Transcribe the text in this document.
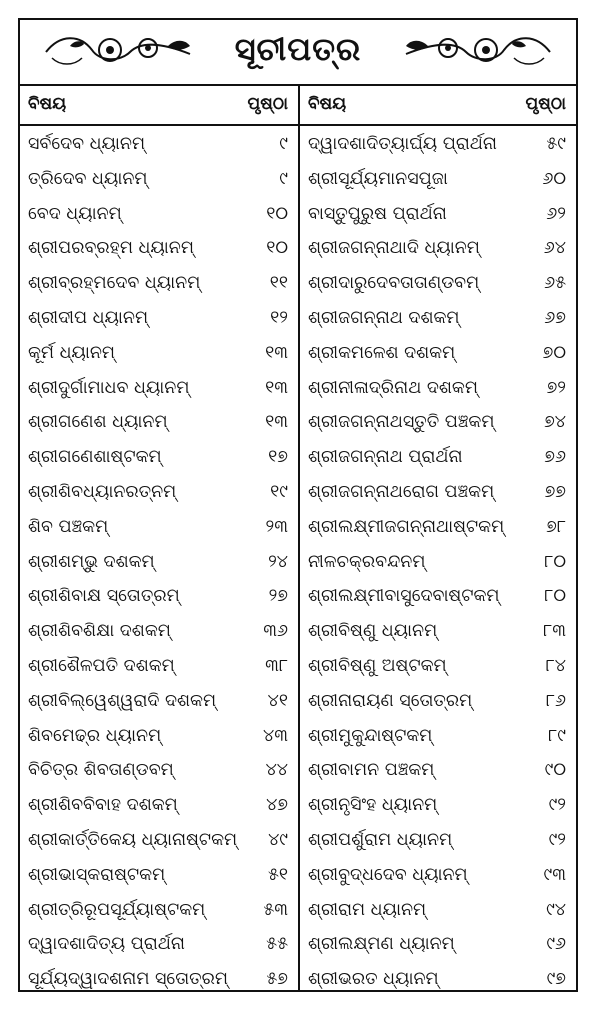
ସୂଚୀପତ୍ର
ବିଷୟ	ପୃଷ୍ଠା ବିଷୟ	ପୃଷ୍ଠା
ସର୍ବଦେବ ଧ୍ୟାନମ୍	୯
ତ୍ରିଦେବ ଧ୍ୟାନମ୍	୯
ବେଦ ଧ୍ୟାନମ୍	୧୦
ଶ୍ରୀପରବ୍ରହ୍ମ ଧ୍ୟାନମ୍	୧୦
ଶ୍ରୀବ୍ରହ୍ମଦେବ ଧ୍ୟାନମ୍	୧୧
ଶ୍ରୀଦୀପ ଧ୍ୟାନମ୍	୧୨
କୂର୍ମ ଧ୍ୟାନମ୍	୧୩
ଶ୍ରୀଦୁର୍ଗାମାଧବ ଧ୍ୟାନମ୍	୧୩
ଶ୍ରୀଗଣେଶ ଧ୍ୟାନମ୍	୧୩
ଶ୍ରୀଗଣେଶାଷ୍ଟକମ୍	୧୭
ଶ୍ରୀଶିବଧ୍ୟାନରତ୍ନମ୍	୧୯
ଶିବ ପଞ୍ଚକମ୍	୨୩
ଶ୍ରୀଶମ୍ଭୁ ଦଶକମ୍	୨୪
ଶ୍ରୀଶିବାକ୍ଷ ସ୍ତୋତ୍ରମ୍	୨୭
ଶ୍ରୀଶିବଶିକ୍ଷା ଦଶକମ୍	୩୬
ଶ୍ରୀଶୈଳପତି ଦଶକମ୍	୩୮
ଶ୍ରୀବିଲ୍ୱେଶ୍ୱରାଦି ଦଶକମ୍	୪୧
ଶିବମେଢ୍ର ଧ୍ୟାନମ୍	୪୩
ବିଚିତ୍ର ଶିବତାଣ୍ଡବମ୍	୪୪
ଶ୍ରୀଶିବବିବାହ ଦଶକମ୍	୪୭
ଶ୍ରୀକାର୍ତ୍ତିକେୟ ଧ୍ୟାନାଷ୍ଟକମ୍ ୪୯
ଶ୍ରୀଭାସ୍କରାଷ୍ଟକମ୍	୫୧
ଶ୍ରୀତ୍ରିରୂପସୂର୍ଯ୍ୟାଷ୍ଟକମ୍	୫୩
ଦ୍ୱାଦଶାଦିତ୍ୟ ପ୍ରାର୍ଥନା	୫୫
ସୂର୍ଯ୍ୟଦ୍ୱାଦଶନାମ ସ୍ତୋତ୍ରମ୍ ୫୭
ଦ୍ୱାଦଶାଦିତ୍ୟାର୍ଘ୍ୟ ପ୍ରାର୍ଥନା	୫୯
ଶ୍ରୀସୂର୍ଯ୍ୟମାନସପୂଜା	୬୦
ବାସ୍ତୁପୁରୁଷ ପ୍ରାର୍ଥନା	୬୨
ଶ୍ରୀଜଗନ୍ନାଥାଦି ଧ୍ୟାନମ୍	୬୪
ଶ୍ରୀଦାରୁଦେବତାତାଣ୍ଡବମ୍	୬୫
ଶ୍ରୀଜଗନ୍ନାଥ ଦଶକମ୍	୬୭
ଶ୍ରୀକମଳେଶ ଦଶକମ୍	୭୦
ଶ୍ରୀନୀଳାଦ୍ରିନାଥ ଦଶକମ୍	୭୨
ଶ୍ରୀଜଗନ୍ନାଥସ୍ତୁତି ପଞ୍ଚକମ୍	୭୪
ଶ୍ରୀଜଗନ୍ନାଥ ପ୍ରାର୍ଥନା	୭୬
ଶ୍ରୀଜଗନ୍ନାଥରୋଗ ପଞ୍ଚକମ୍	୭୭
ଶ୍ରୀଲକ୍ଷ୍ମୀଜଗନ୍ନାଥାଷ୍ଟକମ୍ ୭୮
ନୀଳଚକ୍ରବନ୍ଦନମ୍	୮୦
ଶ୍ରୀଲକ୍ଷ୍ମୀବାସୁଦେବାଷ୍ଟକମ୍	୮୦
ଶ୍ରୀବିଷ୍ଣୁ ଧ୍ୟାନମ୍	୮୩
ଶ୍ରୀବିଷ୍ଣୁ ଅଷ୍ଟକମ୍	୮୪
ଶ୍ରୀନାରାୟଣ ସ୍ତୋତ୍ରମ୍	୮୬
ଶ୍ରୀମୁକୁନ୍ଦାଷ୍ଟକମ୍	୮୯
ଶ୍ରୀବାମନ ପଞ୍ଚକମ୍	୯୦
ଶ୍ରୀନୃସିଂହ ଧ୍ୟାନମ୍	୯୨
ଶ୍ରୀପର୍ଶୁରାମ ଧ୍ୟାନମ୍	୯୨
ଶ୍ରୀବୁଦ୍ଧଦେବ ଧ୍ୟାନମ୍	୯୩
ଶ୍ରୀରାମ ଧ୍ୟାନମ୍	୯୪
ଶ୍ରୀଲକ୍ଷ୍ମଣ ଧ୍ୟାନମ୍	୯୬
ଶ୍ରୀଭରତ ଧ୍ୟାନମ୍	୯୭
